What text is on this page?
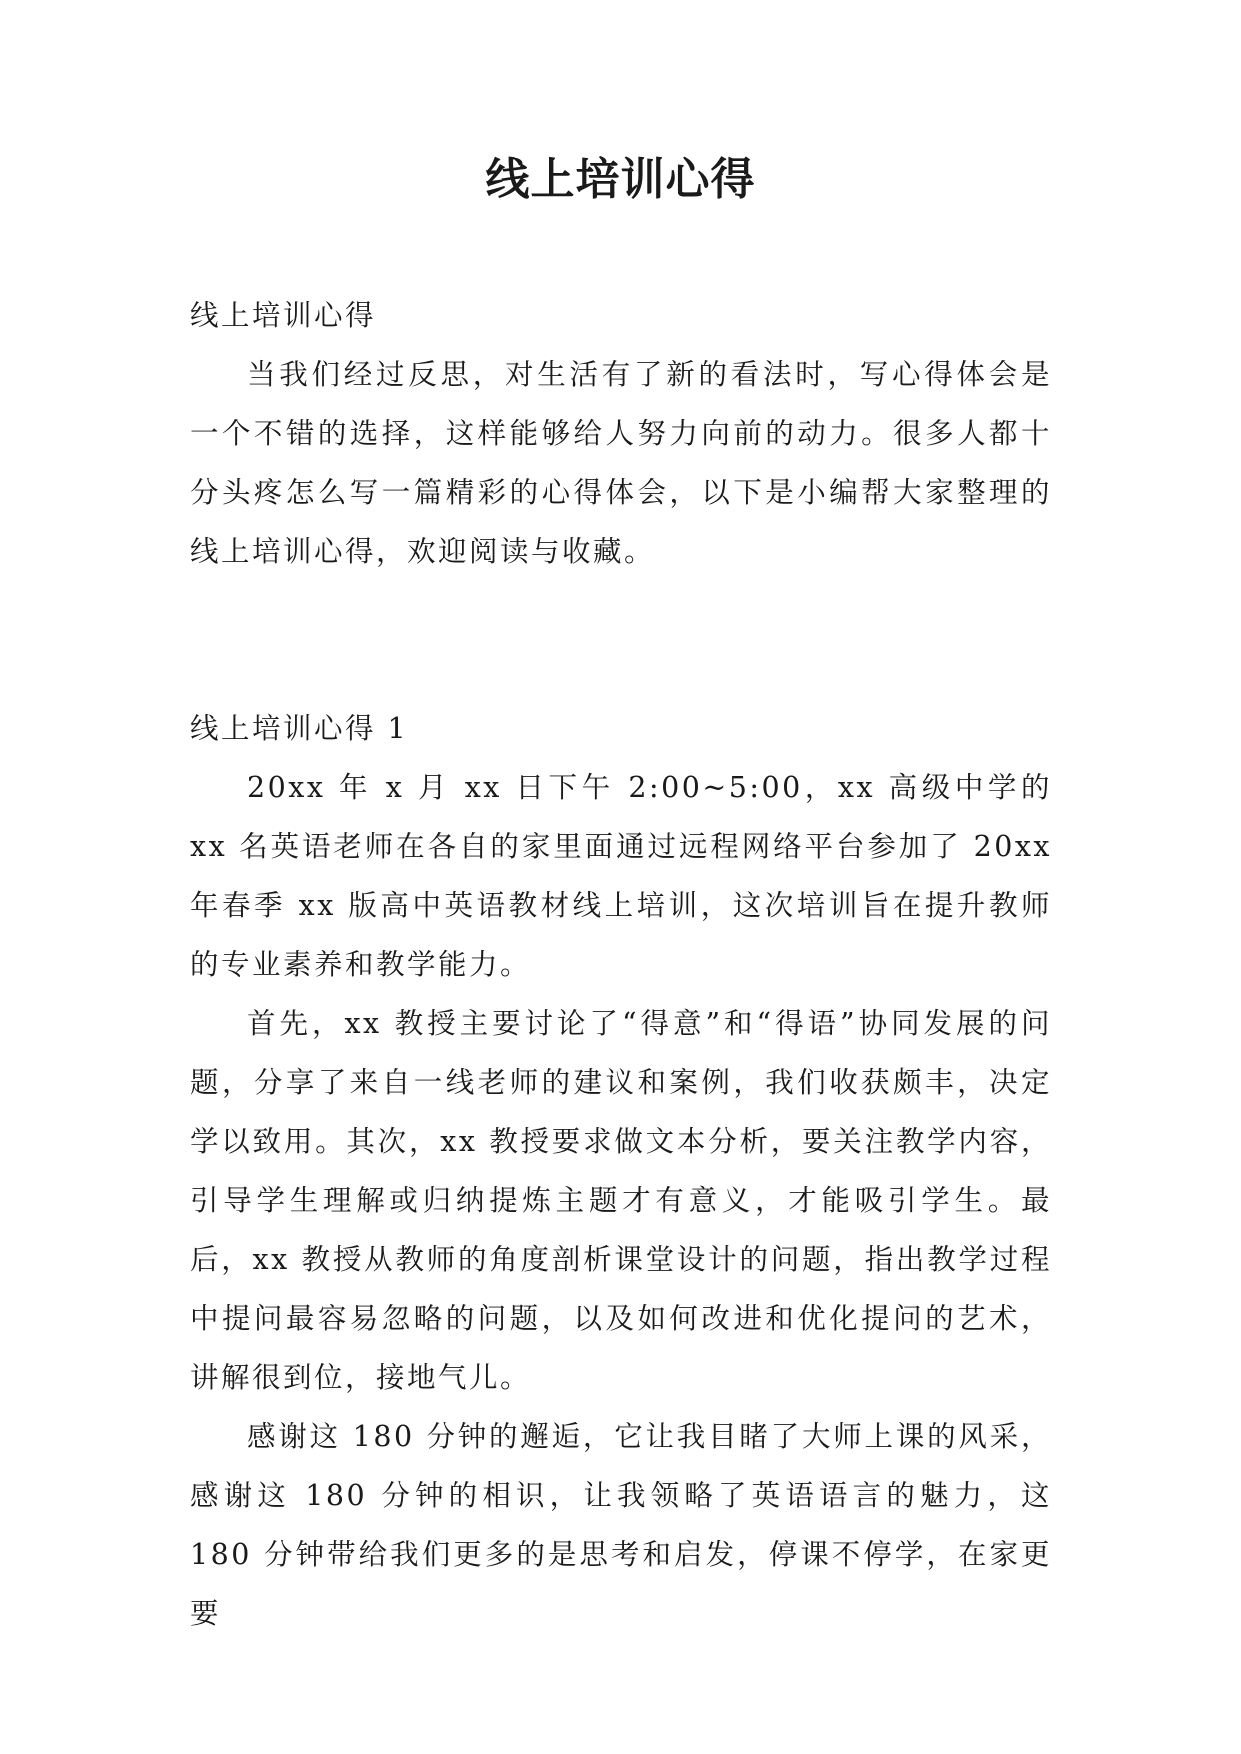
线上培训心得

线上培训心得

当我们经过反思，对生活有了新的看法时，写心得体会是一个不错的选择，这样能够给人努力向前的动力。很多人都十分头疼怎么写一篇精彩的心得体会，以下是小编帮大家整理的线上培训心得，欢迎阅读与收藏。

线上培训心得 1

20xx 年 x 月 xx 日下午 2:00~5:00，xx 高级中学的 xx 名英语老师在各自的家里面通过远程网络平台参加了 20xx 年春季 xx 版高中英语教材线上培训，这次培训旨在提升教师的专业素养和教学能力。

首先，xx 教授主要讨论了“得意”和“得语”协同发展的问题，分享了来自一线老师的建议和案例，我们收获颇丰，决定学以致用。其次，xx 教授要求做文本分析，要关注教学内容，引导学生理解或归纳提炼主题才有意义，才能吸引学生。最后，xx 教授从教师的角度剖析课堂设计的问题，指出教学过程中提问最容易忽略的问题，以及如何改进和优化提问的艺术，讲解很到位，接地气儿。

感谢这 180 分钟的邂逅，它让我目睹了大师上课的风采，感谢这 180 分钟的相识，让我领略了英语语言的魅力，这 180 分钟带给我们更多的是思考和启发，停课不停学，在家更要
